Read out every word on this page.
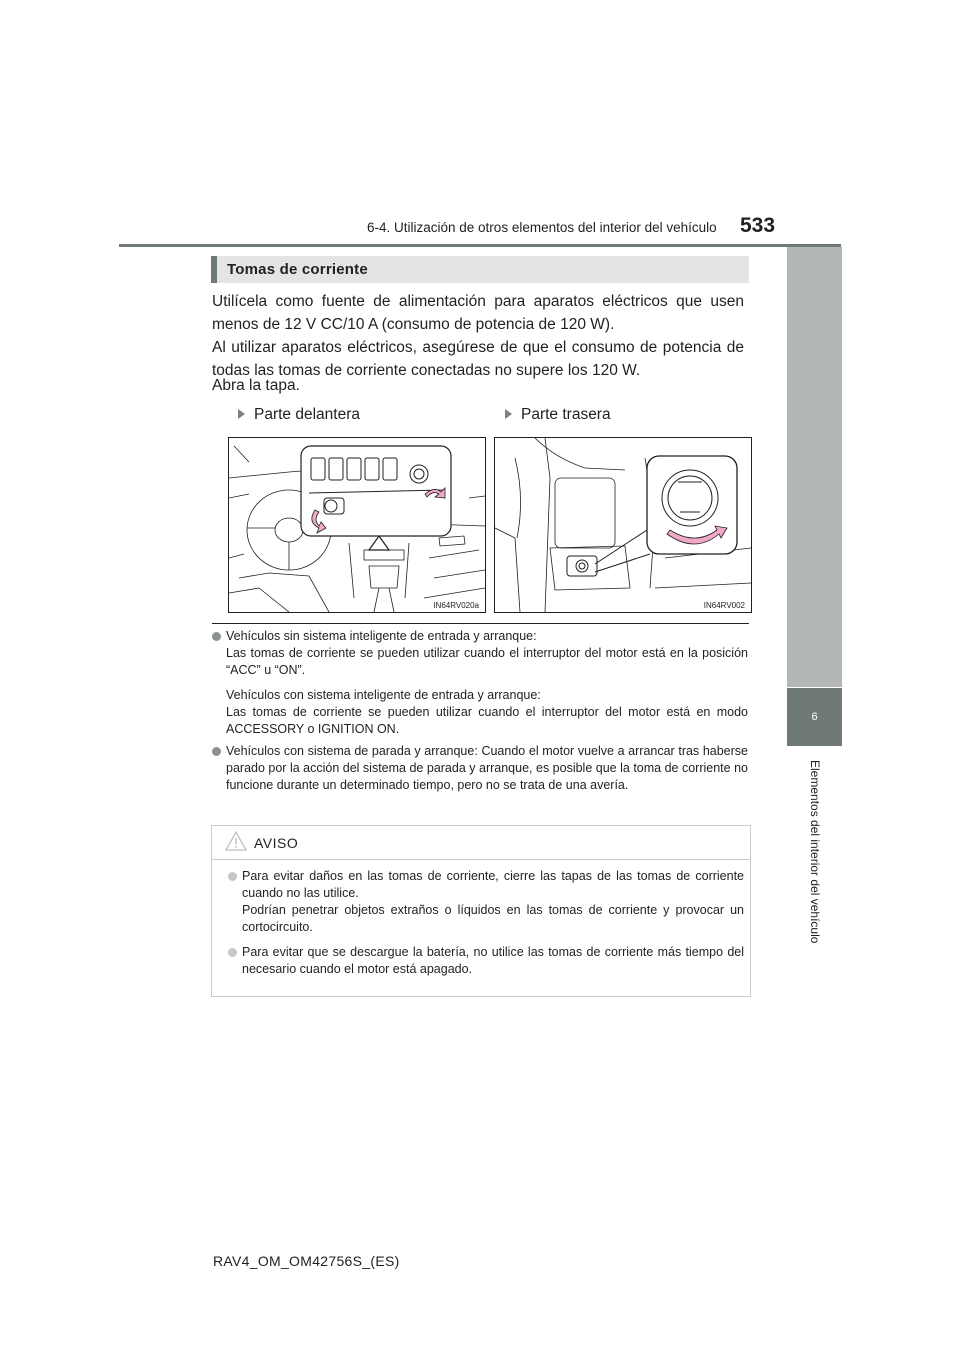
6-4. Utilización de otros elementos del interior del vehículo 533
6
Elementos del interior del vehículo
Tomas de corriente
Utilícela como fuente de alimentación para aparatos eléctricos que usen menos de 12 V CC/10 A (consumo de potencia de 120 W).
Al utilizar aparatos eléctricos, asegúrese de que el consumo de potencia de todas las tomas de corriente conectadas no supere los 120 W.
Abra la tapa.
Parte delantera	Parte trasera
IN64RV020a	IN64RV002
Vehículos sin sistema inteligente de entrada y arranque:
Las tomas de corriente se pueden utilizar cuando el interruptor del motor está en la posición “ACC” u “ON”.
Vehículos con sistema inteligente de entrada y arranque:
Las tomas de corriente se pueden utilizar cuando el interruptor del motor está en modo ACCESSORY o IGNITION ON.
Vehículos con sistema de parada y arranque: Cuando el motor vuelve a arrancar tras haberse parado por la acción del sistema de parada y arranque, es posible que la toma de corriente no funcione durante un determinado tiempo, pero no se trata de una avería.
AVISO
Para evitar daños en las tomas de corriente, cierre las tapas de las tomas de corriente cuando no las utilice.
Podrían penetrar objetos extraños o líquidos en las tomas de corriente y provocar un cortocircuito.
Para evitar que se descargue la batería, no utilice las tomas de corriente más tiempo del necesario cuando el motor está apagado.
RAV4_OM_OM42756S_(ES)
